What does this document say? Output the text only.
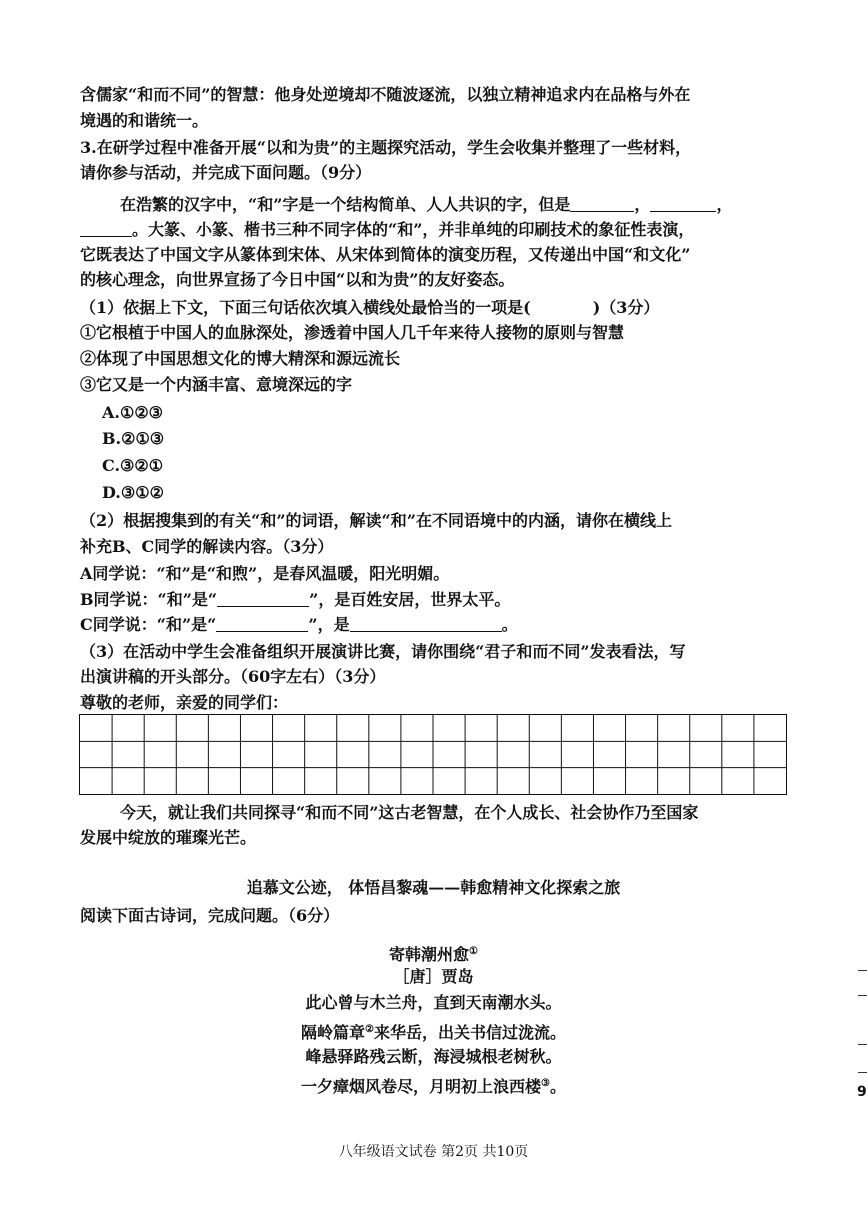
含儒家“和而不同”的智慧：他身处逆境却不随波逐流，以独立精神追求内在品格与外在
境遇的和谐统一。
3.在研学过程中准备开展“以和为贵”的主题探究活动，学生会收集并整理了一些材料，
请你参与活动，并完成下面问题。（9分）
在浩繁的汉字中，“和”字是一个结构简单、人人共识的字，但是	，	，
。大篆、小篆、楷书三种不同字体的“和”，并非单纯的印刷技术的象征性表演，
它既表达了中国文字从篆体到宋体、从宋体到简体的演变历程，又传递出中国“和文化”
的核心理念，向世界宣扬了今日中国“以和为贵”的友好姿态。
（1）依据上下文，下面三句话依次填入横线处最恰当的一项是(	)（3分）
①它根植于中国人的血脉深处，渗透着中国人几千年来待人接物的原则与智慧
②体现了中国思想文化的博大精深和源远流长
③它又是一个内涵丰富、意境深远的字
A.①②③
B.②①③
C.③②①
D.③①②
（2）根据搜集到的有关“和”的词语，解读“和”在不同语境中的内涵，请你在横线上
补充B、C同学的解读内容。（3分）
A同学说：“和”是“和煦”，是春风温暖，阳光明媚。
B同学说：“和”是“	”，是百姓安居，世界太平。
C同学说：“和”是“	”，是	。
（3）在活动中学生会准备组织开展演讲比赛，请你围绕“君子和而不同”发表看法，写
出演讲稿的开头部分。（60字左右）（3分）
尊敬的老师，亲爱的同学们：
今天，就让我们共同探寻“和而不同”这古老智慧，在个人成长、社会协作乃至国家
发展中绽放的璀璨光芒。
追慕文公迹， 体悟昌黎魂——韩愈精神文化探索之旅
阅读下面古诗词，完成问题。（6分）
寄韩潮州愈①
［唐］贾岛
此心曾与木兰舟，直到天南潮水头。
隔岭篇章②来华岳，出关书信过泷流。
峰悬驿路残云断，海浸城根老树秋。
一夕瘴烟风卷尽，月明初上浪西楼③。
八年级语文试卷 第2页 共10页
9
